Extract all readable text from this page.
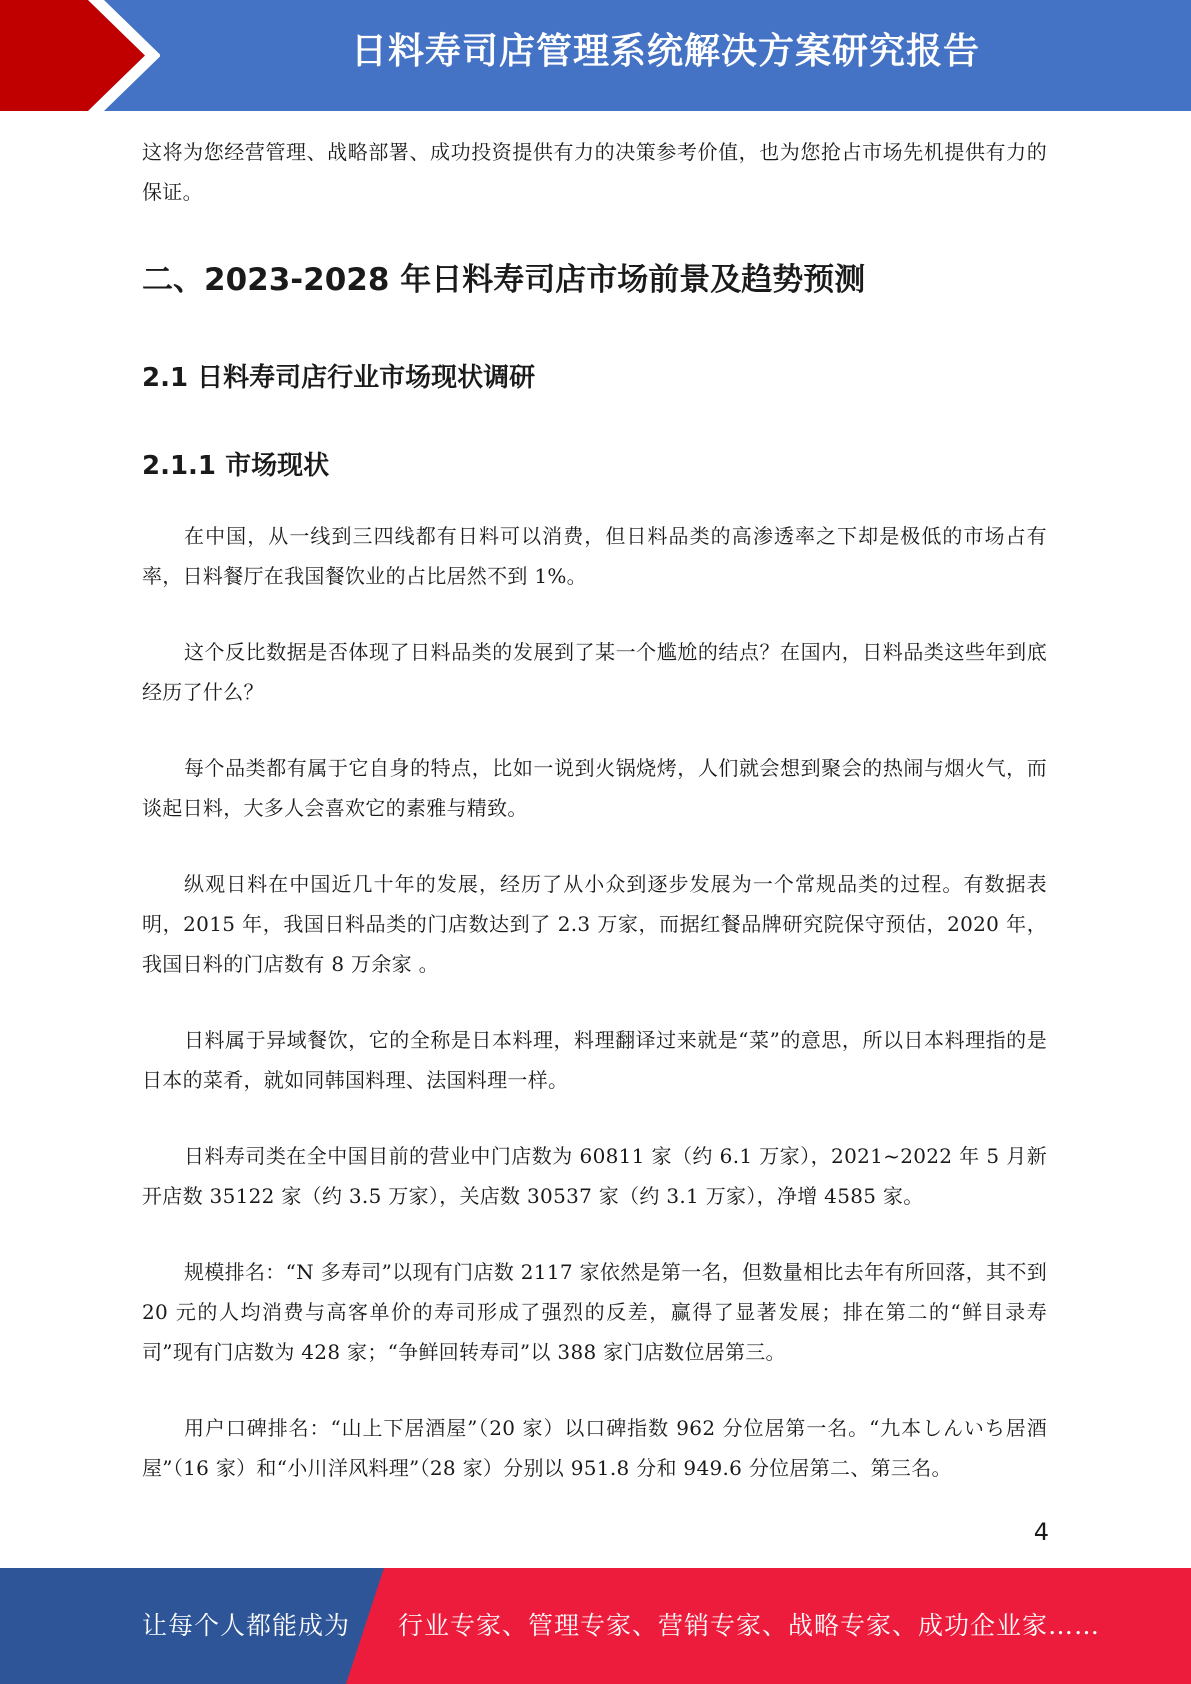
日料寿司店管理系统解决方案研究报告

这将为您经营管理、战略部署、成功投资提供有力的决策参考价值，也为您抢占市场先机提供有力的保证。

二、2023-2028 年日料寿司店市场前景及趋势预测
2.1 日料寿司店行业市场现状调研
2.1.1 市场现状

在中国，从一线到三四线都有日料可以消费，但日料品类的高渗透率之下却是极低的市场占有率，日料餐厅在我国餐饮业的占比居然不到 1%。

这个反比数据是否体现了日料品类的发展到了某一个尴尬的结点？在国内，日料品类这些年到底经历了什么？

每个品类都有属于它自身的特点，比如一说到火锅烧烤，人们就会想到聚会的热闹与烟火气，而谈起日料，大多人会喜欢它的素雅与精致。

纵观日料在中国近几十年的发展，经历了从小众到逐步发展为一个常规品类的过程。有数据表明，2015 年，我国日料品类的门店数达到了 2.3 万家，而据红餐品牌研究院保守预估，2020 年，我国日料的门店数有 8 万余家 。

日料属于异域餐饮，它的全称是日本料理，料理翻译过来就是“菜”的意思，所以日本料理指的是日本的菜肴，就如同韩国料理、法国料理一样。

日料寿司类在全中国目前的营业中门店数为 60811 家（约 6.1 万家），2021~2022 年 5 月新开店数 35122 家（约 3.5 万家），关店数 30537 家（约 3.1 万家），净增 4585 家。

规模排名：“N 多寿司”以现有门店数 2117 家依然是第一名，但数量相比去年有所回落，其不到 20 元的人均消费与高客单价的寿司形成了强烈的反差，赢得了显著发展；排在第二的“鲜目录寿司”现有门店数为 428 家；“争鲜回转寿司”以 388 家门店数位居第三。

用户口碑排名：“山上下居酒屋”（20 家）以口碑指数 962 分位居第一名。“九本しんいち居酒屋”（16 家）和“小川洋风料理”（28 家）分别以 951.8 分和 949.6 分位居第二、第三名。

4
让每个人都能成为 行业专家、管理专家、营销专家、战略专家、成功企业家……
